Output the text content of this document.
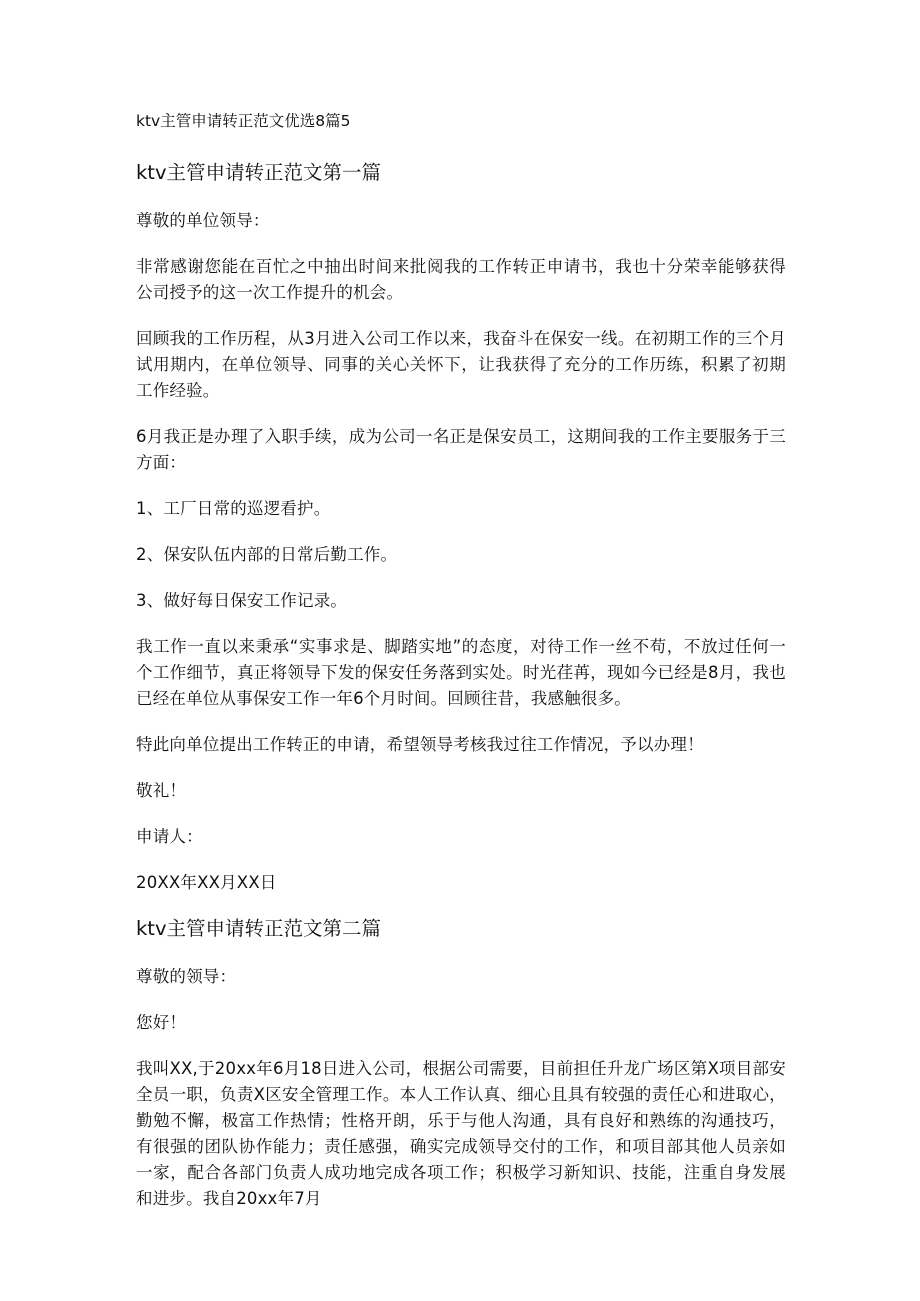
ktv主管申请转正范文优选8篇5
ktv主管申请转正范文第一篇
尊敬的单位领导：
非常感谢您能在百忙之中抽出时间来批阅我的工作转正申请书，我也十分荣幸能够获得公司授予的这一次工作提升的机会。
回顾我的工作历程，从3月进入公司工作以来，我奋斗在保安一线。在初期工作的三个月试用期内，在单位领导、同事的关心关怀下，让我获得了充分的工作历练，积累了初期工作经验。
6月我正是办理了入职手续，成为公司一名正是保安员工，这期间我的工作主要服务于三方面：
1、工厂日常的巡逻看护。
2、保安队伍内部的日常后勤工作。
3、做好每日保安工作记录。
我工作一直以来秉承“实事求是、脚踏实地”的态度，对待工作一丝不苟，不放过任何一个工作细节，真正将领导下发的保安任务落到实处。时光荏苒，现如今已经是8月，我也已经在单位从事保安工作一年6个月时间。回顾往昔，我感触很多。
特此向单位提出工作转正的申请，希望领导考核我过往工作情况，予以办理！
敬礼！
申请人：
20XX年XX月XX日
ktv主管申请转正范文第二篇
尊敬的领导：
您好！
我叫XX,于20xx年6月18日进入公司，根据公司需要，目前担任升龙广场区第X项目部安全员一职，负责X区安全管理工作。本人工作认真、细心且具有较强的责任心和进取心，勤勉不懈，极富工作热情；性格开朗，乐于与他人沟通，具有良好和熟练的沟通技巧，有很强的团队协作能力；责任感强，确实完成领导交付的工作，和项目部其他人员亲如一家，配合各部门负责人成功地完成各项工作；积极学习新知识、技能，注重自身发展和进步。我自20xx年7月
